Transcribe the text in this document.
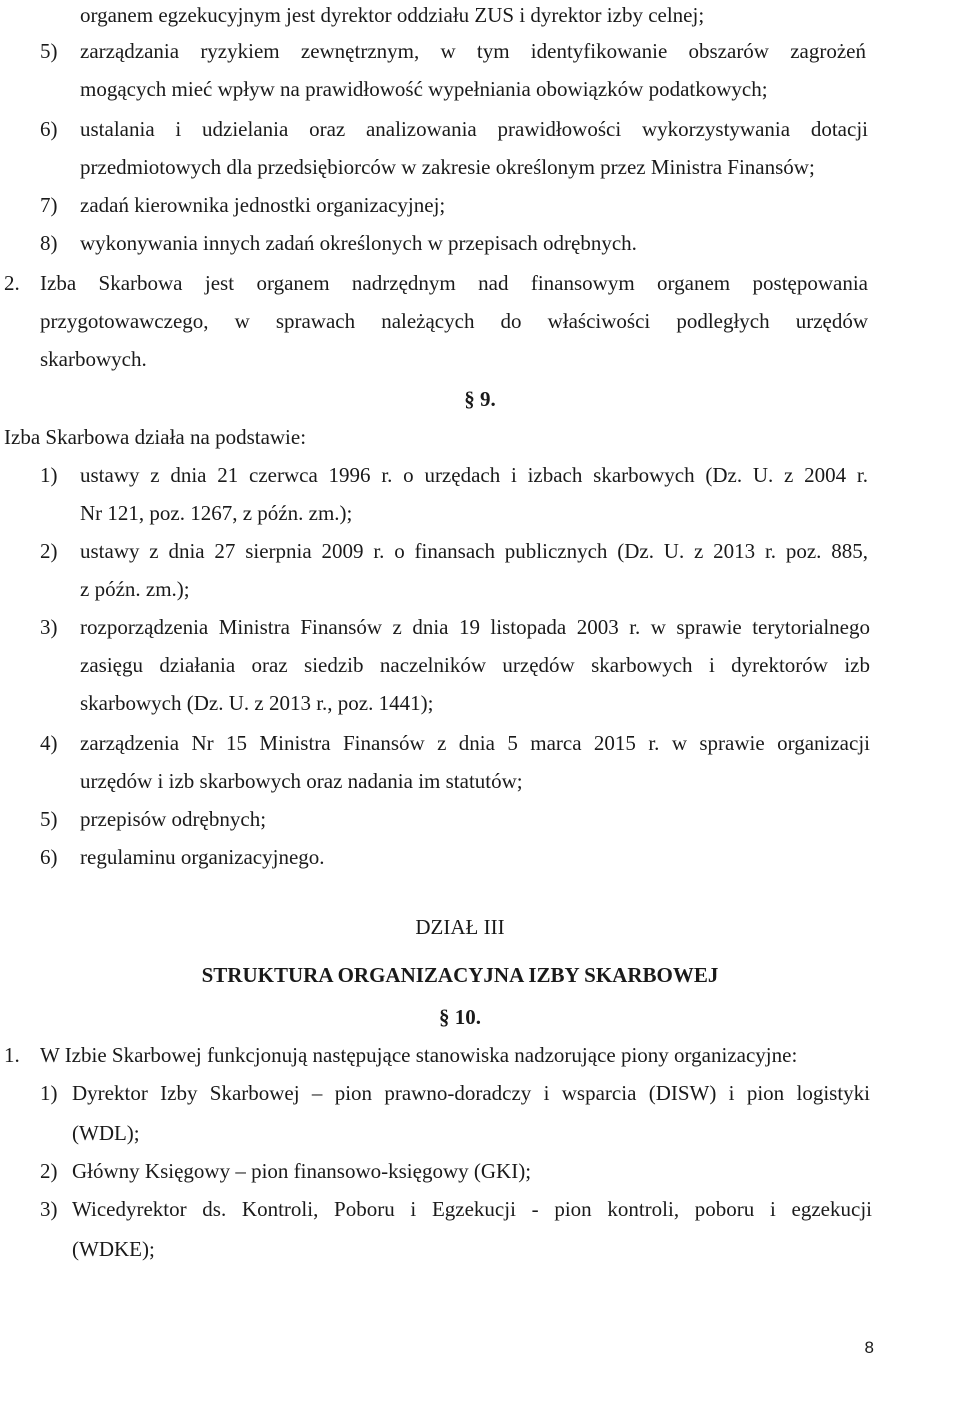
organem egzekucyjnym jest dyrektor oddziału ZUS i dyrektor izby celnej;
5) zarządzania ryzykiem zewnętrznym, w tym identyfikowanie obszarów zagrożeń
mogących mieć wpływ na prawidłowość wypełniania obowiązków podatkowych;
6) ustalania i udzielania oraz analizowania prawidłowości wykorzystywania dotacji
przedmiotowych dla przedsiębiorców w zakresie określonym przez Ministra Finansów;
7) zadań kierownika jednostki organizacyjnej;
8) wykonywania innych zadań określonych w przepisach odrębnych.
2. Izba Skarbowa jest organem nadrzędnym nad finansowym organem postępowania
przygotowawczego, w sprawach należących do właściwości podległych urzędów
skarbowych.
§ 9.
Izba Skarbowa działa na podstawie:
1) ustawy z dnia 21 czerwca 1996 r. o urzędach i izbach skarbowych (Dz. U. z 2004 r.
Nr 121, poz. 1267, z późn. zm.);
2) ustawy z dnia 27 sierpnia 2009 r. o finansach publicznych (Dz. U. z 2013 r. poz. 885,
z późn. zm.);
3) rozporządzenia Ministra Finansów z dnia 19 listopada 2003 r. w sprawie terytorialnego
zasięgu działania oraz siedzib naczelników urzędów skarbowych i dyrektorów izb
skarbowych (Dz. U. z 2013 r., poz. 1441);
4) zarządzenia Nr 15 Ministra Finansów z dnia 5 marca 2015 r. w sprawie organizacji
urzędów i izb skarbowych oraz nadania im statutów;
5) przepisów odrębnych;
6) regulaminu organizacyjnego.
DZIAŁ III
STRUKTURA ORGANIZACYJNA IZBY SKARBOWEJ
§ 10.
1. W Izbie Skarbowej funkcjonują następujące stanowiska nadzorujące piony organizacyjne:
1) Dyrektor Izby Skarbowej – pion prawno-doradczy i wsparcia (DISW) i pion logistyki
(WDL);
2) Główny Księgowy – pion finansowo-księgowy (GKI);
3) Wicedyrektor ds. Kontroli, Poboru i Egzekucji - pion kontroli, poboru i egzekucji
(WDKE);
8
